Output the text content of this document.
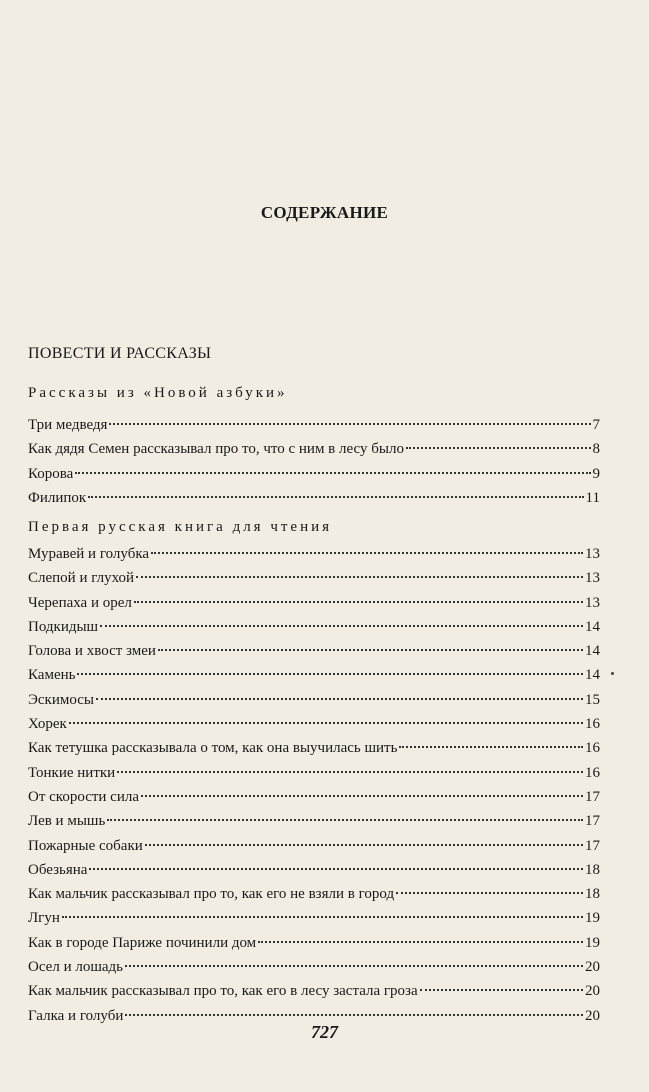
СОДЕРЖАНИЕ
ПОВЕСТИ И РАССКАЗЫ
Рассказы из «Новой азбуки»
Три медведя	7
Как дядя Семен рассказывал про то, что с ним в лесу было	8
Корова	9
Филипок	11
Первая русская книга для чтения
Муравей и голубка	13
Слепой и глухой	13
Черепаха и орел	13
Подкидыш	14
Голова и хвост змеи	14
Камень	14
Эскимосы	15
Хорек	16
Как тетушка рассказывала о том, как она выучилась шить	16
Тонкие нитки	16
От скорости сила	17
Лев и мышь	17
Пожарные собаки	17
Обезьяна	18
Как мальчик рассказывал про то, как его не взяли в город	18
Лгун	19
Как в городе Париже починили дом	19
Осел и лошадь	20
Как мальчик рассказывал про то, как его в лесу застала гроза	20
Галка и голуби	20
727
